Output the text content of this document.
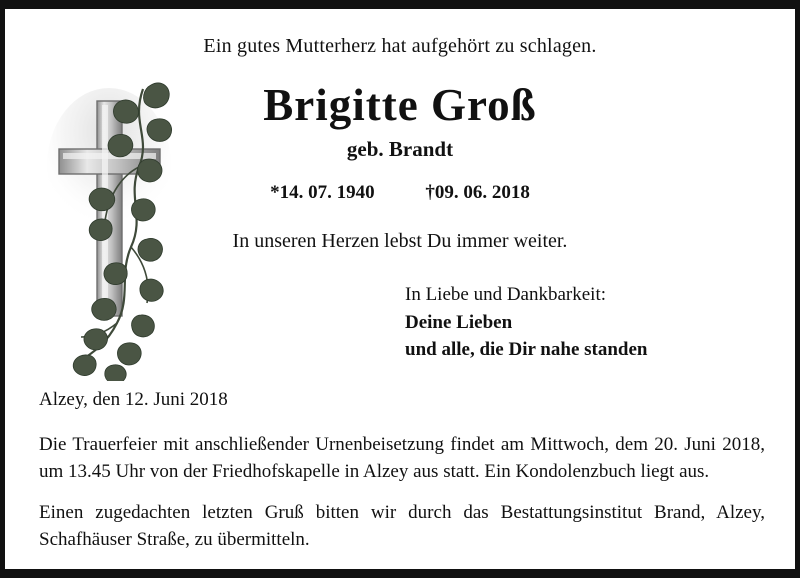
Ein gutes Mutterherz hat aufgehört zu schlagen.
Brigitte Groß
geb. Brandt
*14. 07. 1940	†09. 06. 2018
In unseren Herzen lebst Du immer weiter.
In Liebe und Dankbarkeit:
Deine Lieben
und alle, die Dir nahe standen
Alzey, den 12. Juni 2018
Die Trauerfeier mit anschließender Urnenbeisetzung findet am Mittwoch, dem 20. Juni 2018, um 13.45 Uhr von der Friedhofskapelle in Alzey aus statt. Ein Kondolenzbuch liegt aus.
Einen zugedachten letzten Gruß bitten wir durch das Bestattungsinstitut Brand, Alzey, Schafhäuser Straße, zu übermitteln.
